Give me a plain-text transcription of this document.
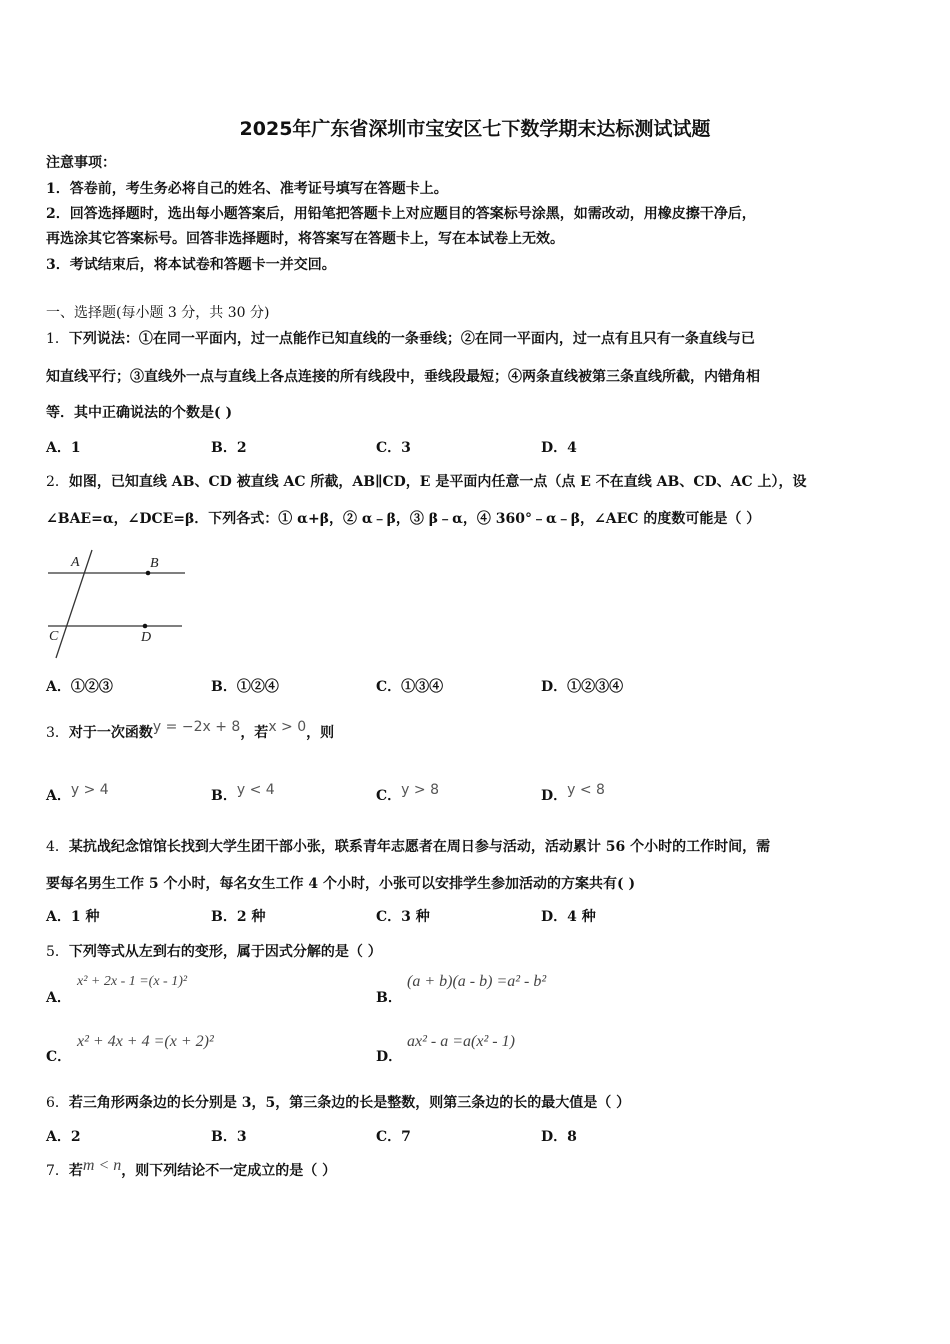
2025年广东省深圳市宝安区七下数学期末达标测试试题
注意事项：
1．答卷前，考生务必将自己的姓名、准考证号填写在答题卡上。
2．回答选择题时，选出每小题答案后，用铅笔把答题卡上对应题目的答案标号涂黑，如需改动，用橡皮擦干净后，
再选涂其它答案标号。回答非选择题时，将答案写在答题卡上，写在本试卷上无效。
3．考试结束后，将本试卷和答题卡一并交回。
一、选择题(每小题 3 分，共 30 分)
1．下列说法：①在同一平面内，过一点能作已知直线的一条垂线；②在同一平面内，过一点有且只有一条直线与已
知直线平行；③直线外一点与直线上各点连接的所有线段中，垂线段最短；④两条直线被第三条直线所截，内错角相
等．其中正确说法的个数是( )
A．1	B．2	C．3	D．4
2．如图，已知直线 AB、CD 被直线 AC 所截，AB∥CD，E 是平面内任意一点（点 E 不在直线 AB、CD、AC 上），设
∠BAE=α，∠DCE=β．下列各式：① α+β，② α﹣β，③ β﹣α，④ 360°﹣α﹣β，∠AEC 的度数可能是（ ）
A	B
C	D
A．①②③	B．①②④	C．①③④	D．①②③④
3．对于一次函数y = −2x + 8，若x > 0，则
A．y > 4	B．y < 4	C．y > 8	D．y < 8
4．某抗战纪念馆馆长找到大学生团干部小张，联系青年志愿者在周日参与活动，活动累计 56 个小时的工作时间，需
要每名男生工作 5 个小时，每名女生工作 4 个小时，小张可以安排学生参加活动的方案共有( )
A．1 种	B．2 种	C．3 种	D．4 种
5．下列等式从左到右的变形，属于因式分解的是（ ）
A．
x² + 2x - 1 =(x - 1)²
B．
(a + b)(a - b) =a² - b²
C．
x² + 4x + 4 =(x + 2)²
D．
ax² - a =a(x² - 1)
6．若三角形两条边的长分别是 3，5，第三条边的长是整数，则第三条边的长的最大值是（ ）
A．2	B．3	C．7	D．8
7．若m < n，则下列结论不一定成立的是（ ）
